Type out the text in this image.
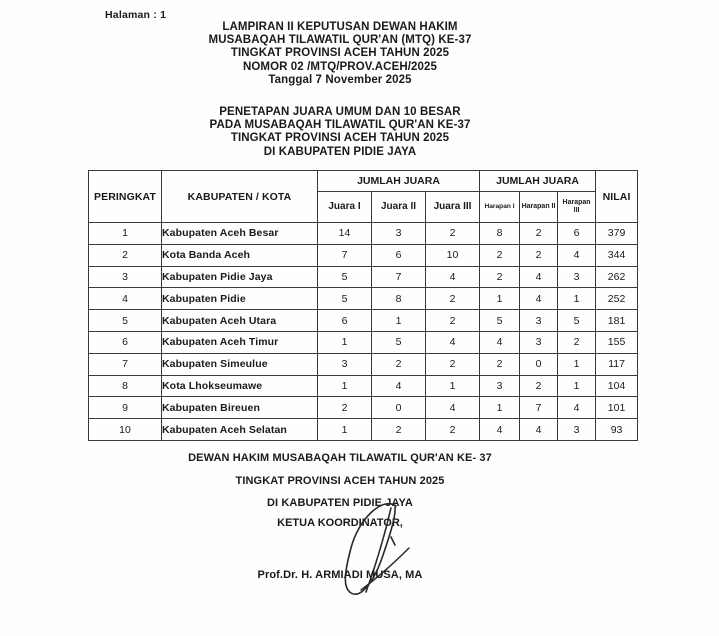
Halaman : 1
LAMPIRAN II KEPUTUSAN DEWAN HAKIM
MUSABAQAH TILAWATIL QUR'AN (MTQ) KE-37
TINGKAT PROVINSI ACEH TAHUN 2025
NOMOR 02 /MTQ/PROV.ACEH/2025
Tanggal 7 November 2025
PENETAPAN JUARA UMUM DAN 10 BESAR
PADA MUSABAQAH TILAWATIL QUR'AN KE-37
TINGKAT PROVINSI ACEH TAHUN 2025
DI KABUPATEN PIDIE JAYA
PERINGKAT	KABUPATEN / KOTA	JUMLAH JUARA			JUMLAH JUARA			NILAI
		Juara I	Juara II	Juara III	Harapan I	Harapan II	Harapan III	
1	Kabupaten Aceh Besar	14	3	2	8	2	6	379
2	Kota Banda Aceh	7	6	10	2	2	4	344
3	Kabupaten Pidie Jaya	5	7	4	2	4	3	262
4	Kabupaten Pidie	5	8	2	1	4	1	252
5	Kabupaten Aceh Utara	6	1	2	5	3	5	181
6	Kabupaten Aceh Timur	1	5	4	4	3	2	155
7	Kabupaten Simeulue	3	2	2	2	0	1	117
8	Kota Lhokseumawe	1	4	1	3	2	1	104
9	Kabupaten Bireuen	2	0	4	1	7	4	101
10	Kabupaten Aceh Selatan	1	2	2	4	4	3	93
DEWAN HAKIM MUSABAQAH TILAWATIL QUR'AN KE- 37
TINGKAT PROVINSI ACEH TAHUN 2025
DI KABUPATEN PIDIE JAYA
KETUA KOORDINATOR,
Prof.Dr. H. ARMIADI MUSA, MA
